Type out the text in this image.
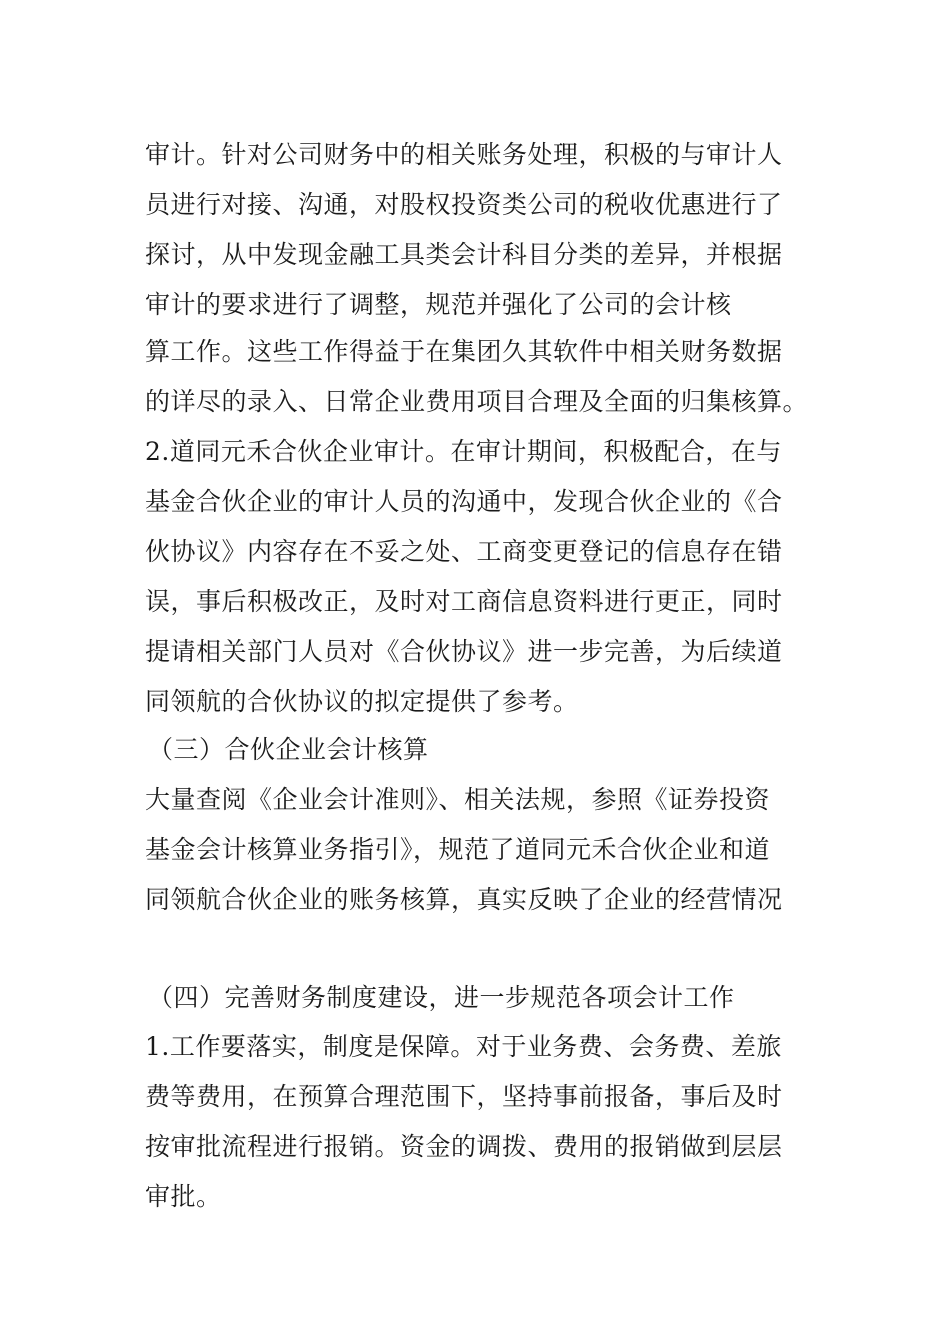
审计。针对公司财务中的相关账务处理，积极的与审计人
员进行对接、沟通，对股权投资类公司的税收优惠进行了
探讨，从中发现金融工具类会计科目分类的差异，并根据
审计的要求进行了调整，规范并强化了公司的会计核
算工作。这些工作得益于在集团久其软件中相关财务数据
的详尽的录入、日常企业费用项目合理及全面的归集核算。
2.道同元禾合伙企业审计。在审计期间，积极配合，在与
基金合伙企业的审计人员的沟通中，发现合伙企业的《合
伙协议》内容存在不妥之处、工商变更登记的信息存在错
误，事后积极改正，及时对工商信息资料进行更正，同时
提请相关部门人员对《合伙协议》进一步完善，为后续道
同领航的合伙协议的拟定提供了参考。
（三）合伙企业会计核算
大量查阅《企业会计准则》、相关法规，参照《证券投资
基金会计核算业务指引》，规范了道同元禾合伙企业和道
同领航合伙企业的账务核算，真实反映了企业的经营情况
（四）完善财务制度建设，进一步规范各项会计工作
1.工作要落实，制度是保障。对于业务费、会务费、差旅
费等费用，在预算合理范围下，坚持事前报备，事后及时
按审批流程进行报销。资金的调拨、费用的报销做到层层
审批。
